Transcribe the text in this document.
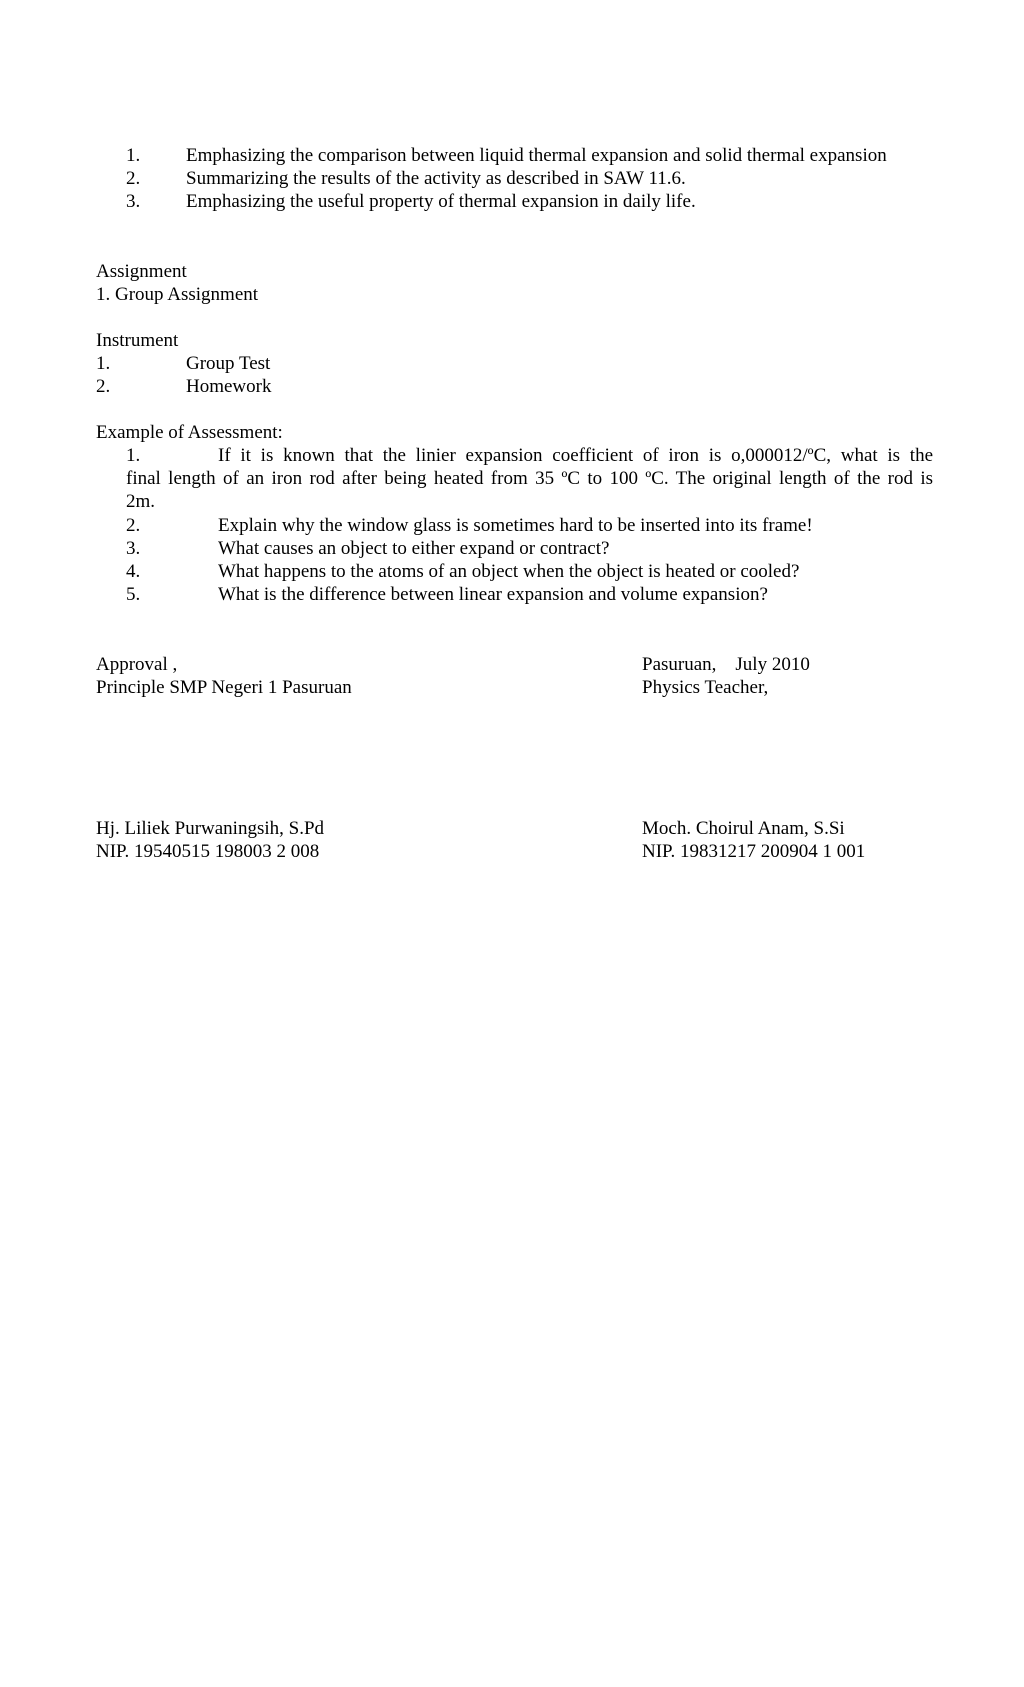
1. Emphasizing the comparison between liquid thermal expansion and solid thermal expansion
2. Summarizing the results of the activity as described in SAW 11.6.
3. Emphasizing the useful property of thermal expansion in daily life.
Assignment
1. Group Assignment
Instrument
1.	Group Test
2.	Homework
Example of Assessment:
1.	If it is known that the linier expansion coefficient of iron is o,000012/ºC, what is the
final length of an iron rod after being heated from 35 ºC to 100 ºC. The original length of the rod is
2m.
2.	Explain why the window glass is sometimes hard to be inserted into its frame!
3.	What causes an object to either expand or contract?
4.	What happens to the atoms of an object when the object is heated or cooled?
5.	What is the difference between linear expansion and volume expansion?
Approval ,
Principle SMP Negeri 1 Pasuruan
Pasuruan,    July 2010
Physics Teacher,
Hj. Liliek Purwaningsih, S.Pd
NIP. 19540515 198003 2 008
Moch. Choirul Anam, S.Si
NIP. 19831217 200904 1 001
